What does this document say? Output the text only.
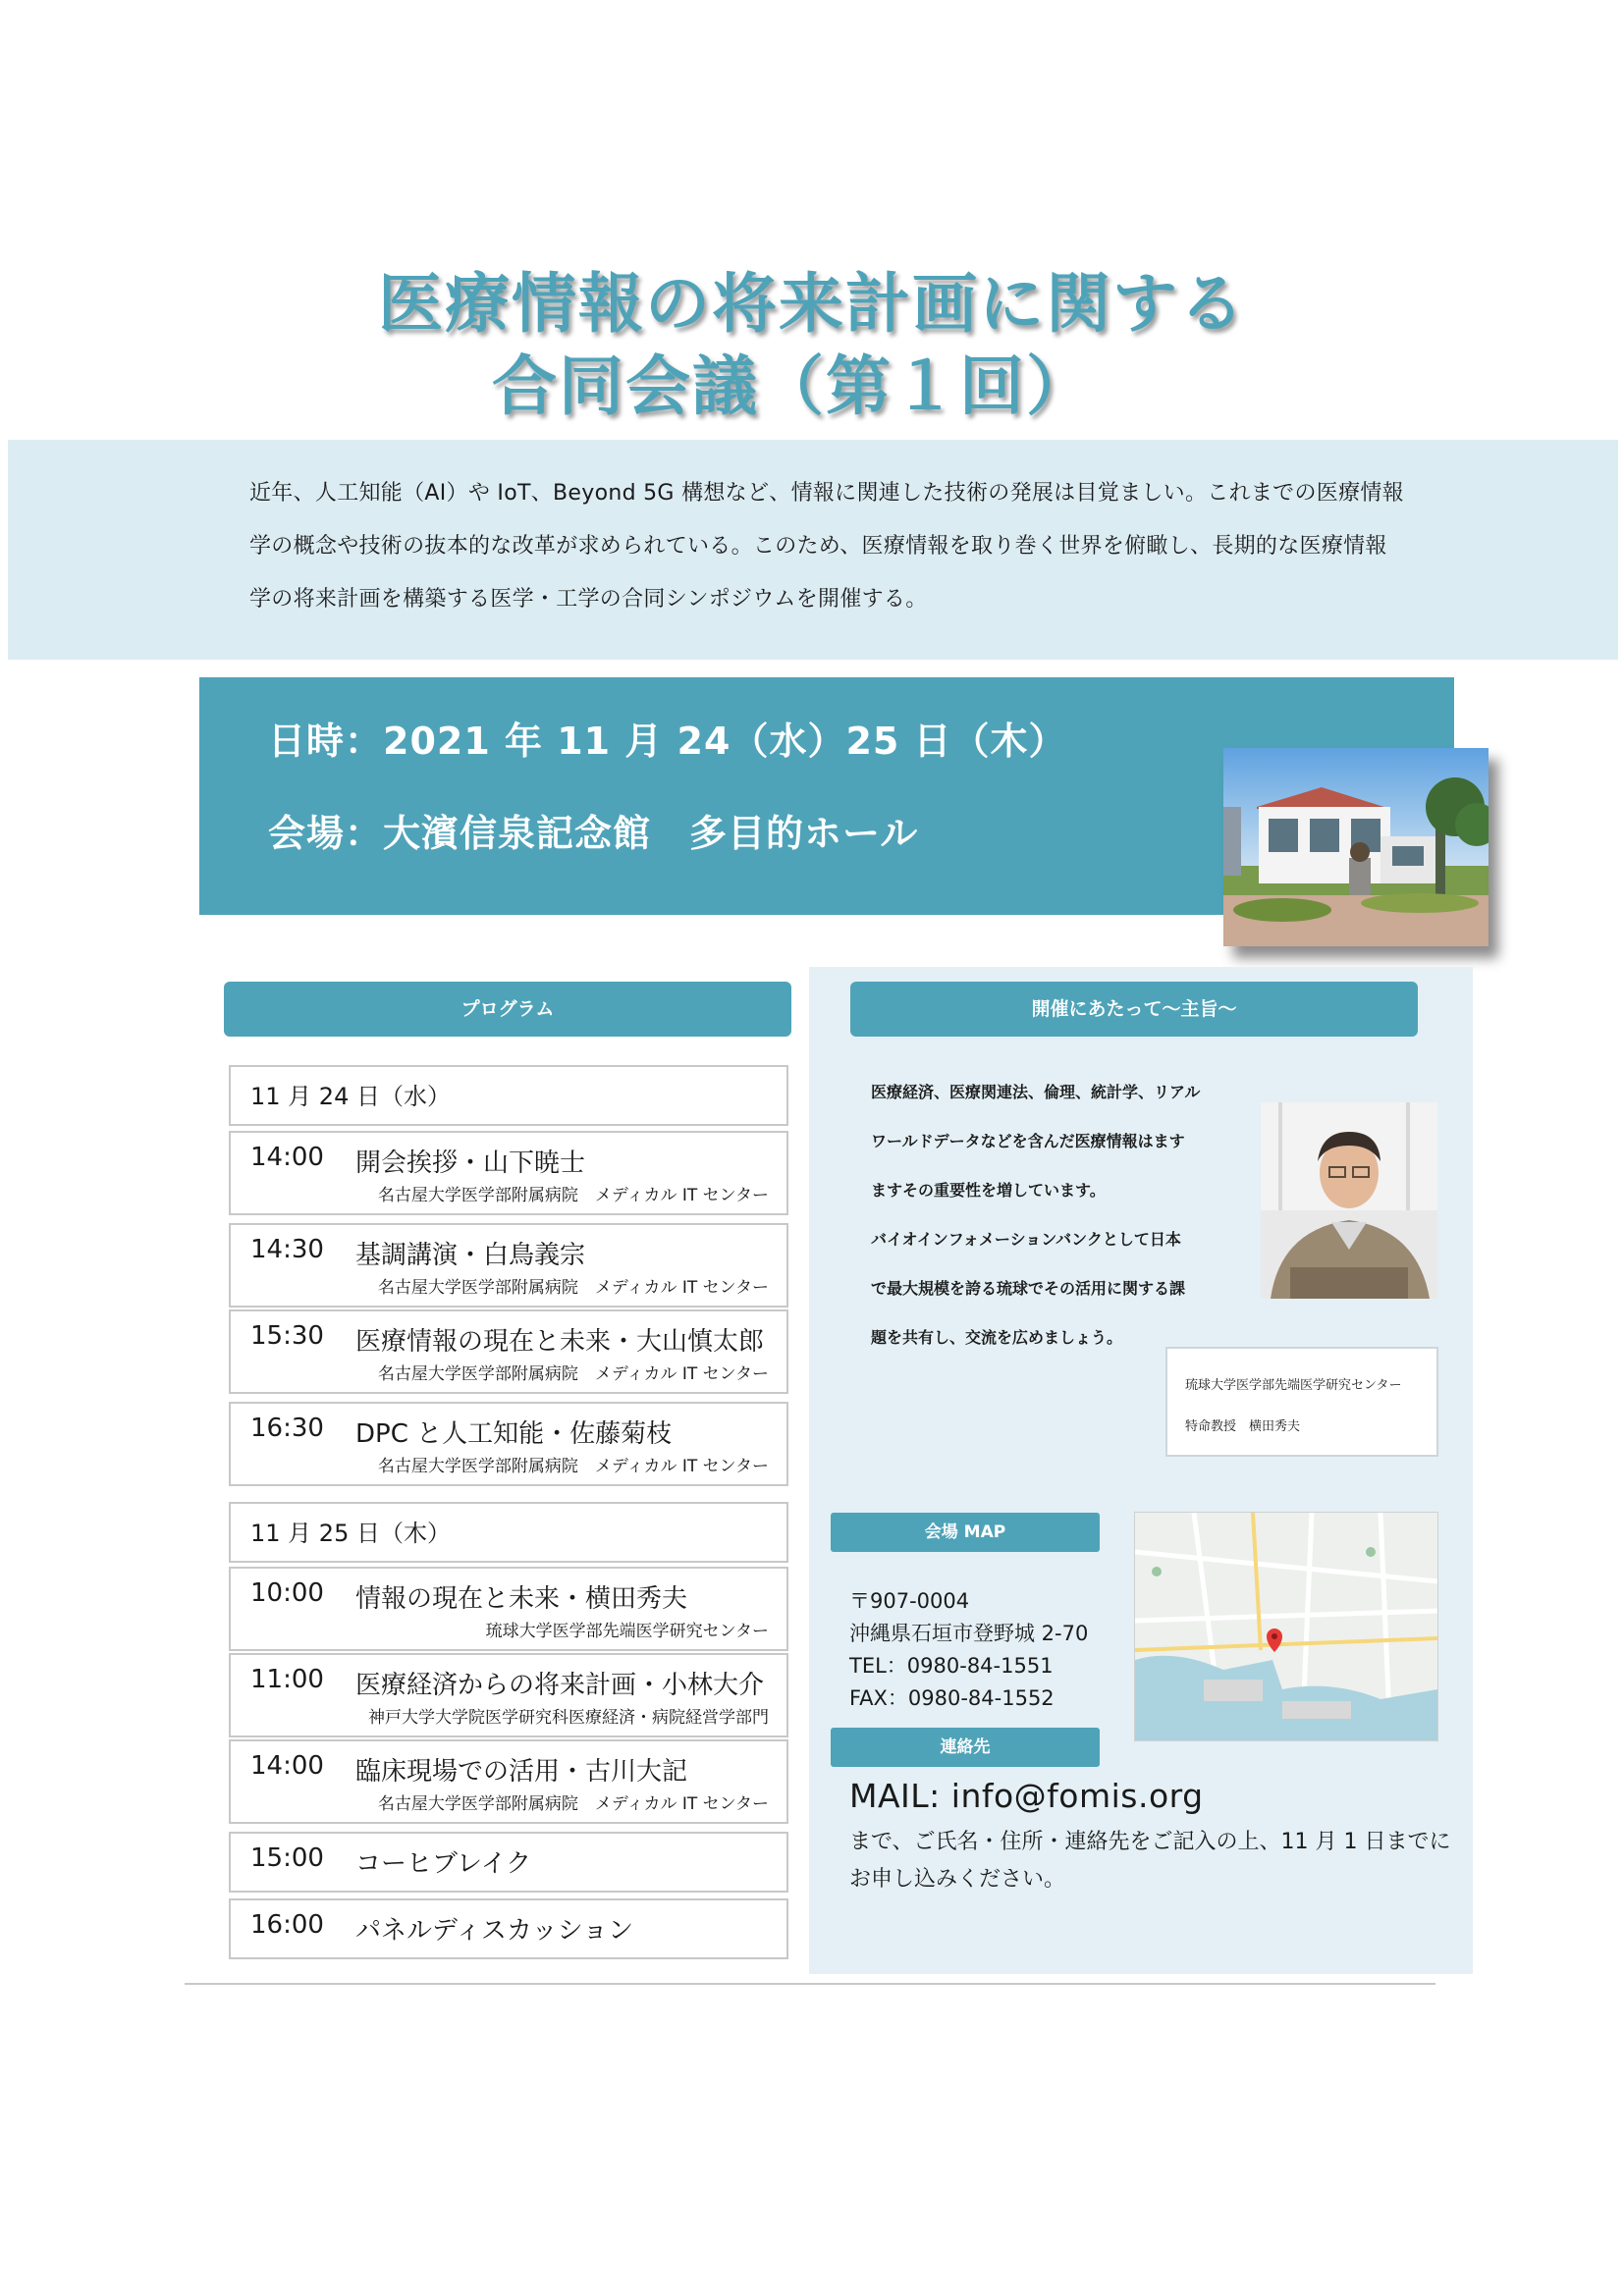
医療情報の将来計画に関する
合同会議（第１回）

近年、人工知能（AI）や IoT、Beyond 5G 構想など、情報に関連した技術の発展は目覚ましい。これまでの医療情報学の概念や技術の抜本的な改革が求められている。このため、医療情報を取り巻く世界を俯瞰し、長期的な医療情報学の将来計画を構築する医学・工学の合同シンポジウムを開催する。

日時：2021 年 11 月 24（水）25 日（木）
会場：大濱信泉記念館　多目的ホール
プログラム
11 月 24 日（水）
14:00 開会挨拶・山下暁士
名古屋大学医学部附属病院　メディカル IT センター
14:30 基調講演・白鳥義宗
名古屋大学医学部附属病院　メディカル IT センター
15:30 医療情報の現在と未来・大山慎太郎
名古屋大学医学部附属病院　メディカル IT センター
16:30 DPC と人工知能・佐藤菊枝
名古屋大学医学部附属病院　メディカル IT センター
11 月 25 日（木）
10:00 情報の現在と未来・横田秀夫
琉球大学医学部先端医学研究センター
11:00 医療経済からの将来計画・小林大介
神戸大学大学院医学研究科医療経済・病院経営学部門
14:00 臨床現場での活用・古川大記
名古屋大学医学部附属病院　メディカル IT センター
15:00 コーヒブレイク
16:00 パネルディスカッション
開催にあたって～主旨～
医療経済、医療関連法、倫理、統計学、リアル
ワールドデータなどを含んだ医療情報はます
ますその重要性を増しています。
バイオインフォメーションバンクとして日本
で最大規模を誇る琉球でその活用に関する課
題を共有し、交流を広めましょう。
琉球大学医学部先端医学研究センター
特命教授　横田秀夫
会場 MAP
〒907-0004
沖縄県石垣市登野城 2-70
TEL：0980-84-1551
FAX：0980-84-1552
連絡先
MAIL: info@fomis.org
まで、ご氏名・住所・連絡先をご記入の上、11 月 1 日までにお申し込みください。
